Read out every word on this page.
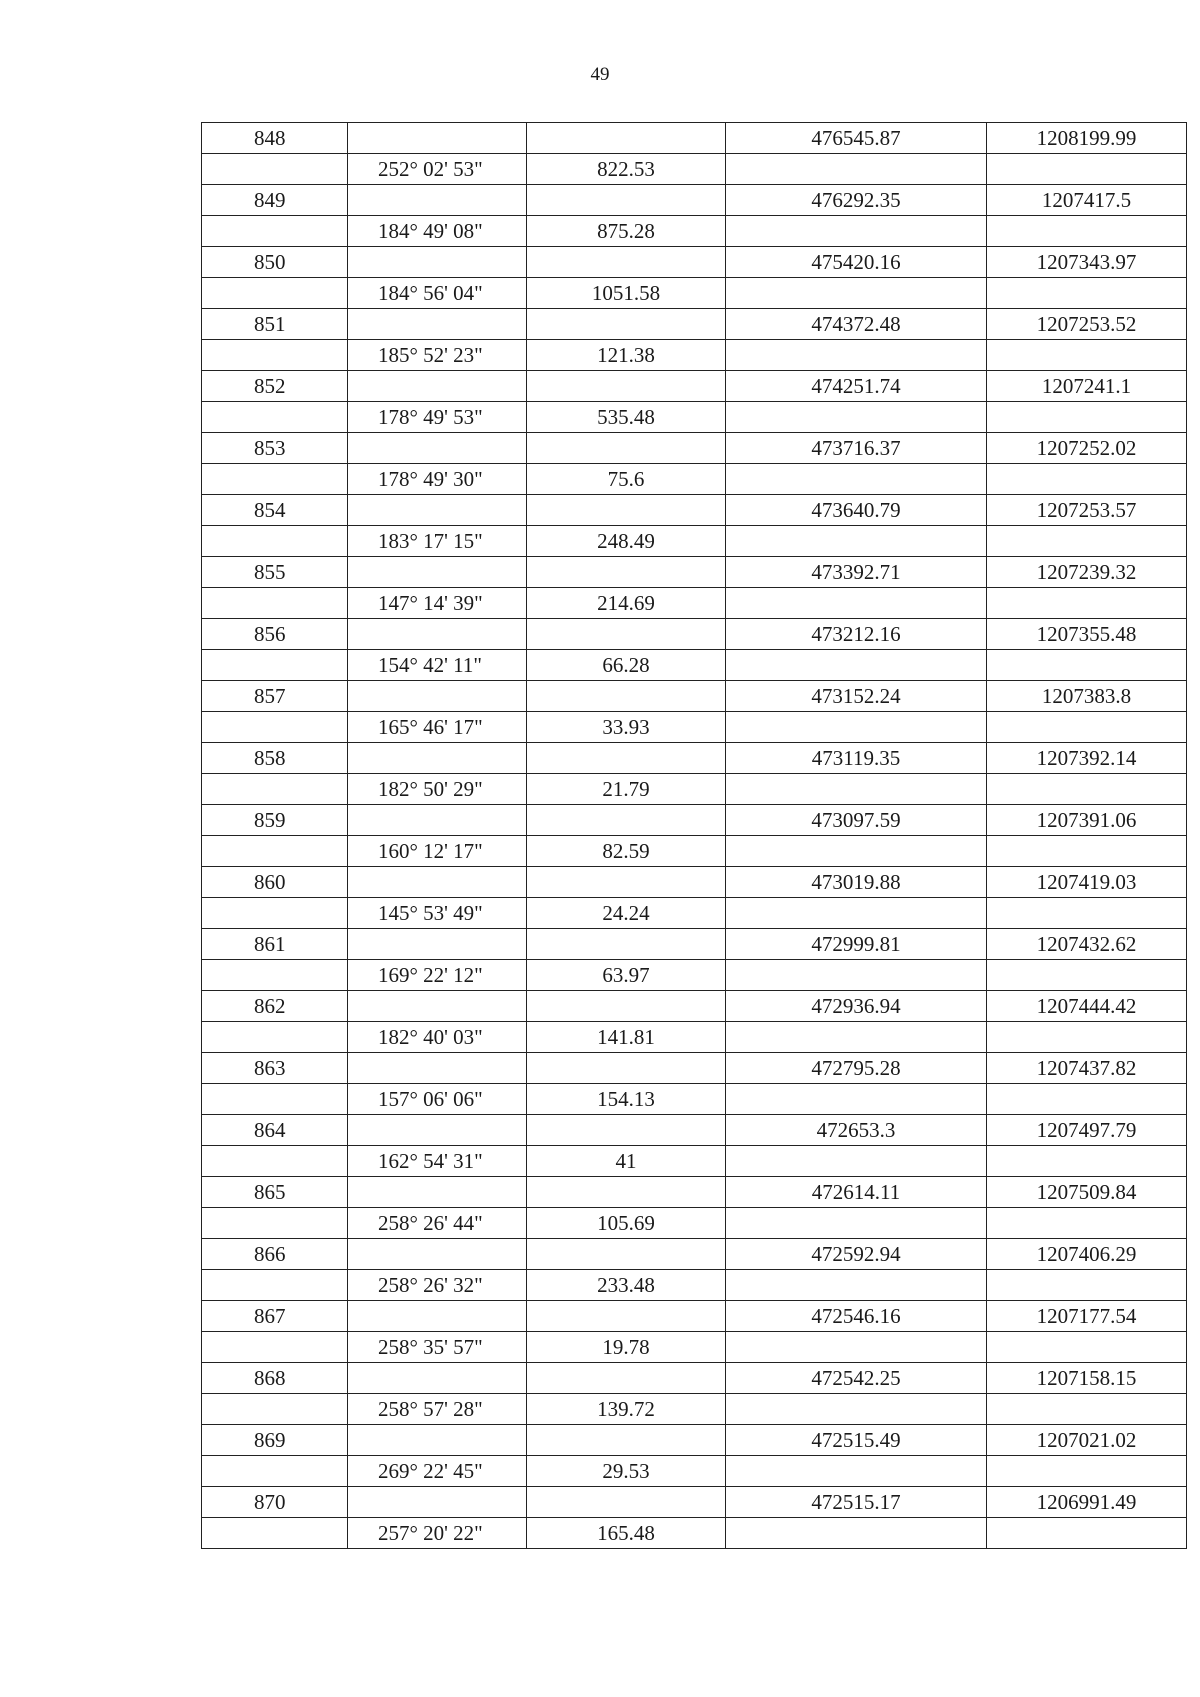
49
848			476545.87	1208199.99
	252° 02' 53"	822.53		
849			476292.35	1207417.5
	184° 49' 08"	875.28		
850			475420.16	1207343.97
	184° 56' 04"	1051.58		
851			474372.48	1207253.52
	185° 52' 23"	121.38		
852			474251.74	1207241.1
	178° 49' 53"	535.48		
853			473716.37	1207252.02
	178° 49' 30"	75.6		
854			473640.79	1207253.57
	183° 17' 15"	248.49		
855			473392.71	1207239.32
	147° 14' 39"	214.69		
856			473212.16	1207355.48
	154° 42' 11"	66.28		
857			473152.24	1207383.8
	165° 46' 17"	33.93		
858			473119.35	1207392.14
	182° 50' 29"	21.79		
859			473097.59	1207391.06
	160° 12' 17"	82.59		
860			473019.88	1207419.03
	145° 53' 49"	24.24		
861			472999.81	1207432.62
	169° 22' 12"	63.97		
862			472936.94	1207444.42
	182° 40' 03"	141.81		
863			472795.28	1207437.82
	157° 06' 06"	154.13		
864			472653.3	1207497.79
	162° 54' 31"	41		
865			472614.11	1207509.84
	258° 26' 44"	105.69		
866			472592.94	1207406.29
	258° 26' 32"	233.48		
867			472546.16	1207177.54
	258° 35' 57"	19.78		
868			472542.25	1207158.15
	258° 57' 28"	139.72		
869			472515.49	1207021.02
	269° 22' 45"	29.53		
870			472515.17	1206991.49
	257° 20' 22"	165.48		
